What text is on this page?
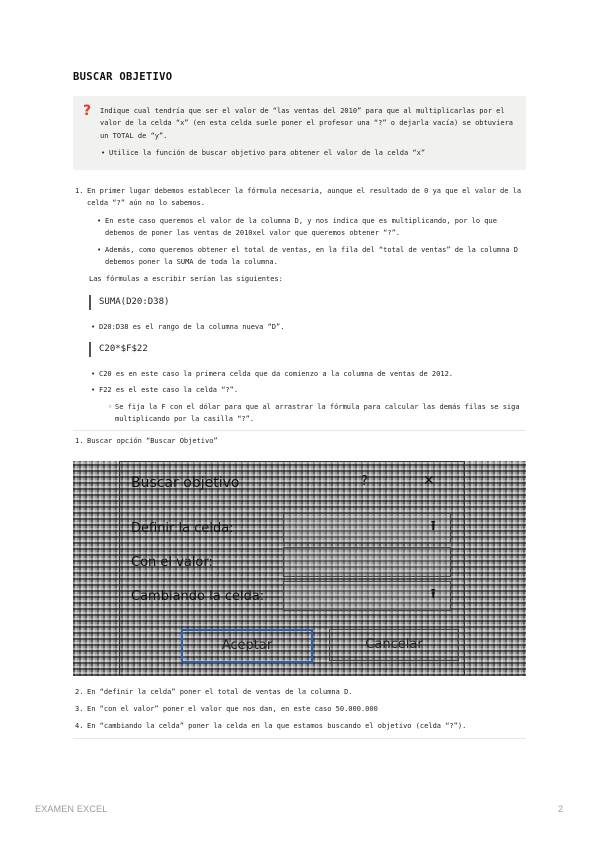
BUSCAR OBJETIVO
? Indique cual tendría que ser el valor de “las ventas del 2010” para que al multiplicarlas por el valor de la celda “x” (en esta celda suele poner el profesor una “?” o dejarla vacía) se obtuviera un TOTAL de “y”.
• Utilice la función de buscar objetivo para obtener el valor de la celda “x”
1. En primer lugar debemos establecer la fórmula necesaria, aunque el resultado de 0 ya que el valor de la celda “?” aún no lo sabemos.
• En este caso queremos el valor de la columna D, y nos indica que es multiplicando, por lo que debemos de poner las ventas de 2010xel valor que queremos obtener “?”.
• Además, como queremos obtener el total de ventas, en la fila del “total de ventas” de la columna D debemos poner la SUMA de toda la columna.
Las fórmulas a escribir serían las siguientes:
SUMA(D20:D38)
• D20:D38 es el rango de la columna nueva “D”.
C20*$F$22
• C20 es en este caso la primera celda que da comienzo a la columna de ventas de 2012.
• F22 es el este caso la celda “?”.
◦ Se fija la F con el dólar para que al arrastrar la fórmula para calcular las demás filas se siga multiplicando por la casilla “?”.
1. Buscar opción “Buscar Objetivo”
Buscar objetivo	?	✕
Definir la celda:	⭱
Con el valor:
Cambiando la celda:	⭱
Aceptar	Cancelar
2. En “definir la celda” poner el total de ventas de la columna D.
3. En “con el valor” poner el valor que nos dan, en este caso 50.000.000
4. En “cambiando la celda” poner la celda en la que estamos buscando el objetivo (celda “?”).
EXAMEN EXCEL	2
